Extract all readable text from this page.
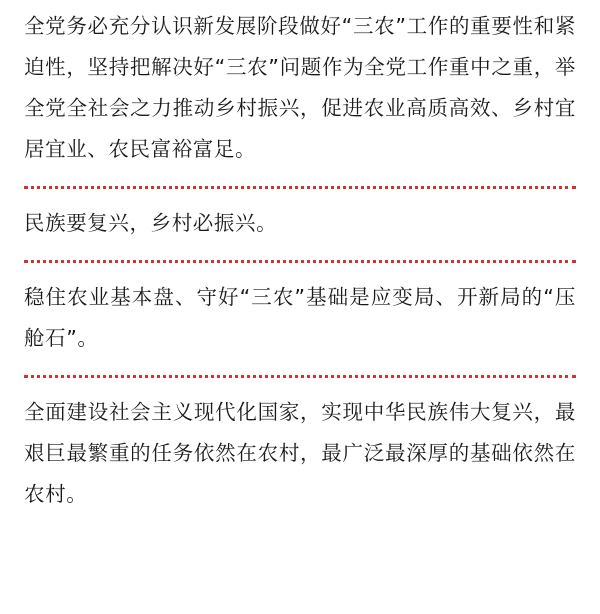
全党务必充分认识新发展阶段做好“三农”工作的重要性和紧迫性，坚持把解决好“三农”问题作为全党工作重中之重，举全党全社会之力推动乡村振兴，促进农业高质高效、乡村宜居宜业、农民富裕富足。

民族要复兴，乡村必振兴。

稳住农业基本盘、守好“三农”基础是应变局、开新局的“压舱石”。

全面建设社会主义现代化国家，实现中华民族伟大复兴，最艰巨最繁重的任务依然在农村，最广泛最深厚的基础依然在农村。
